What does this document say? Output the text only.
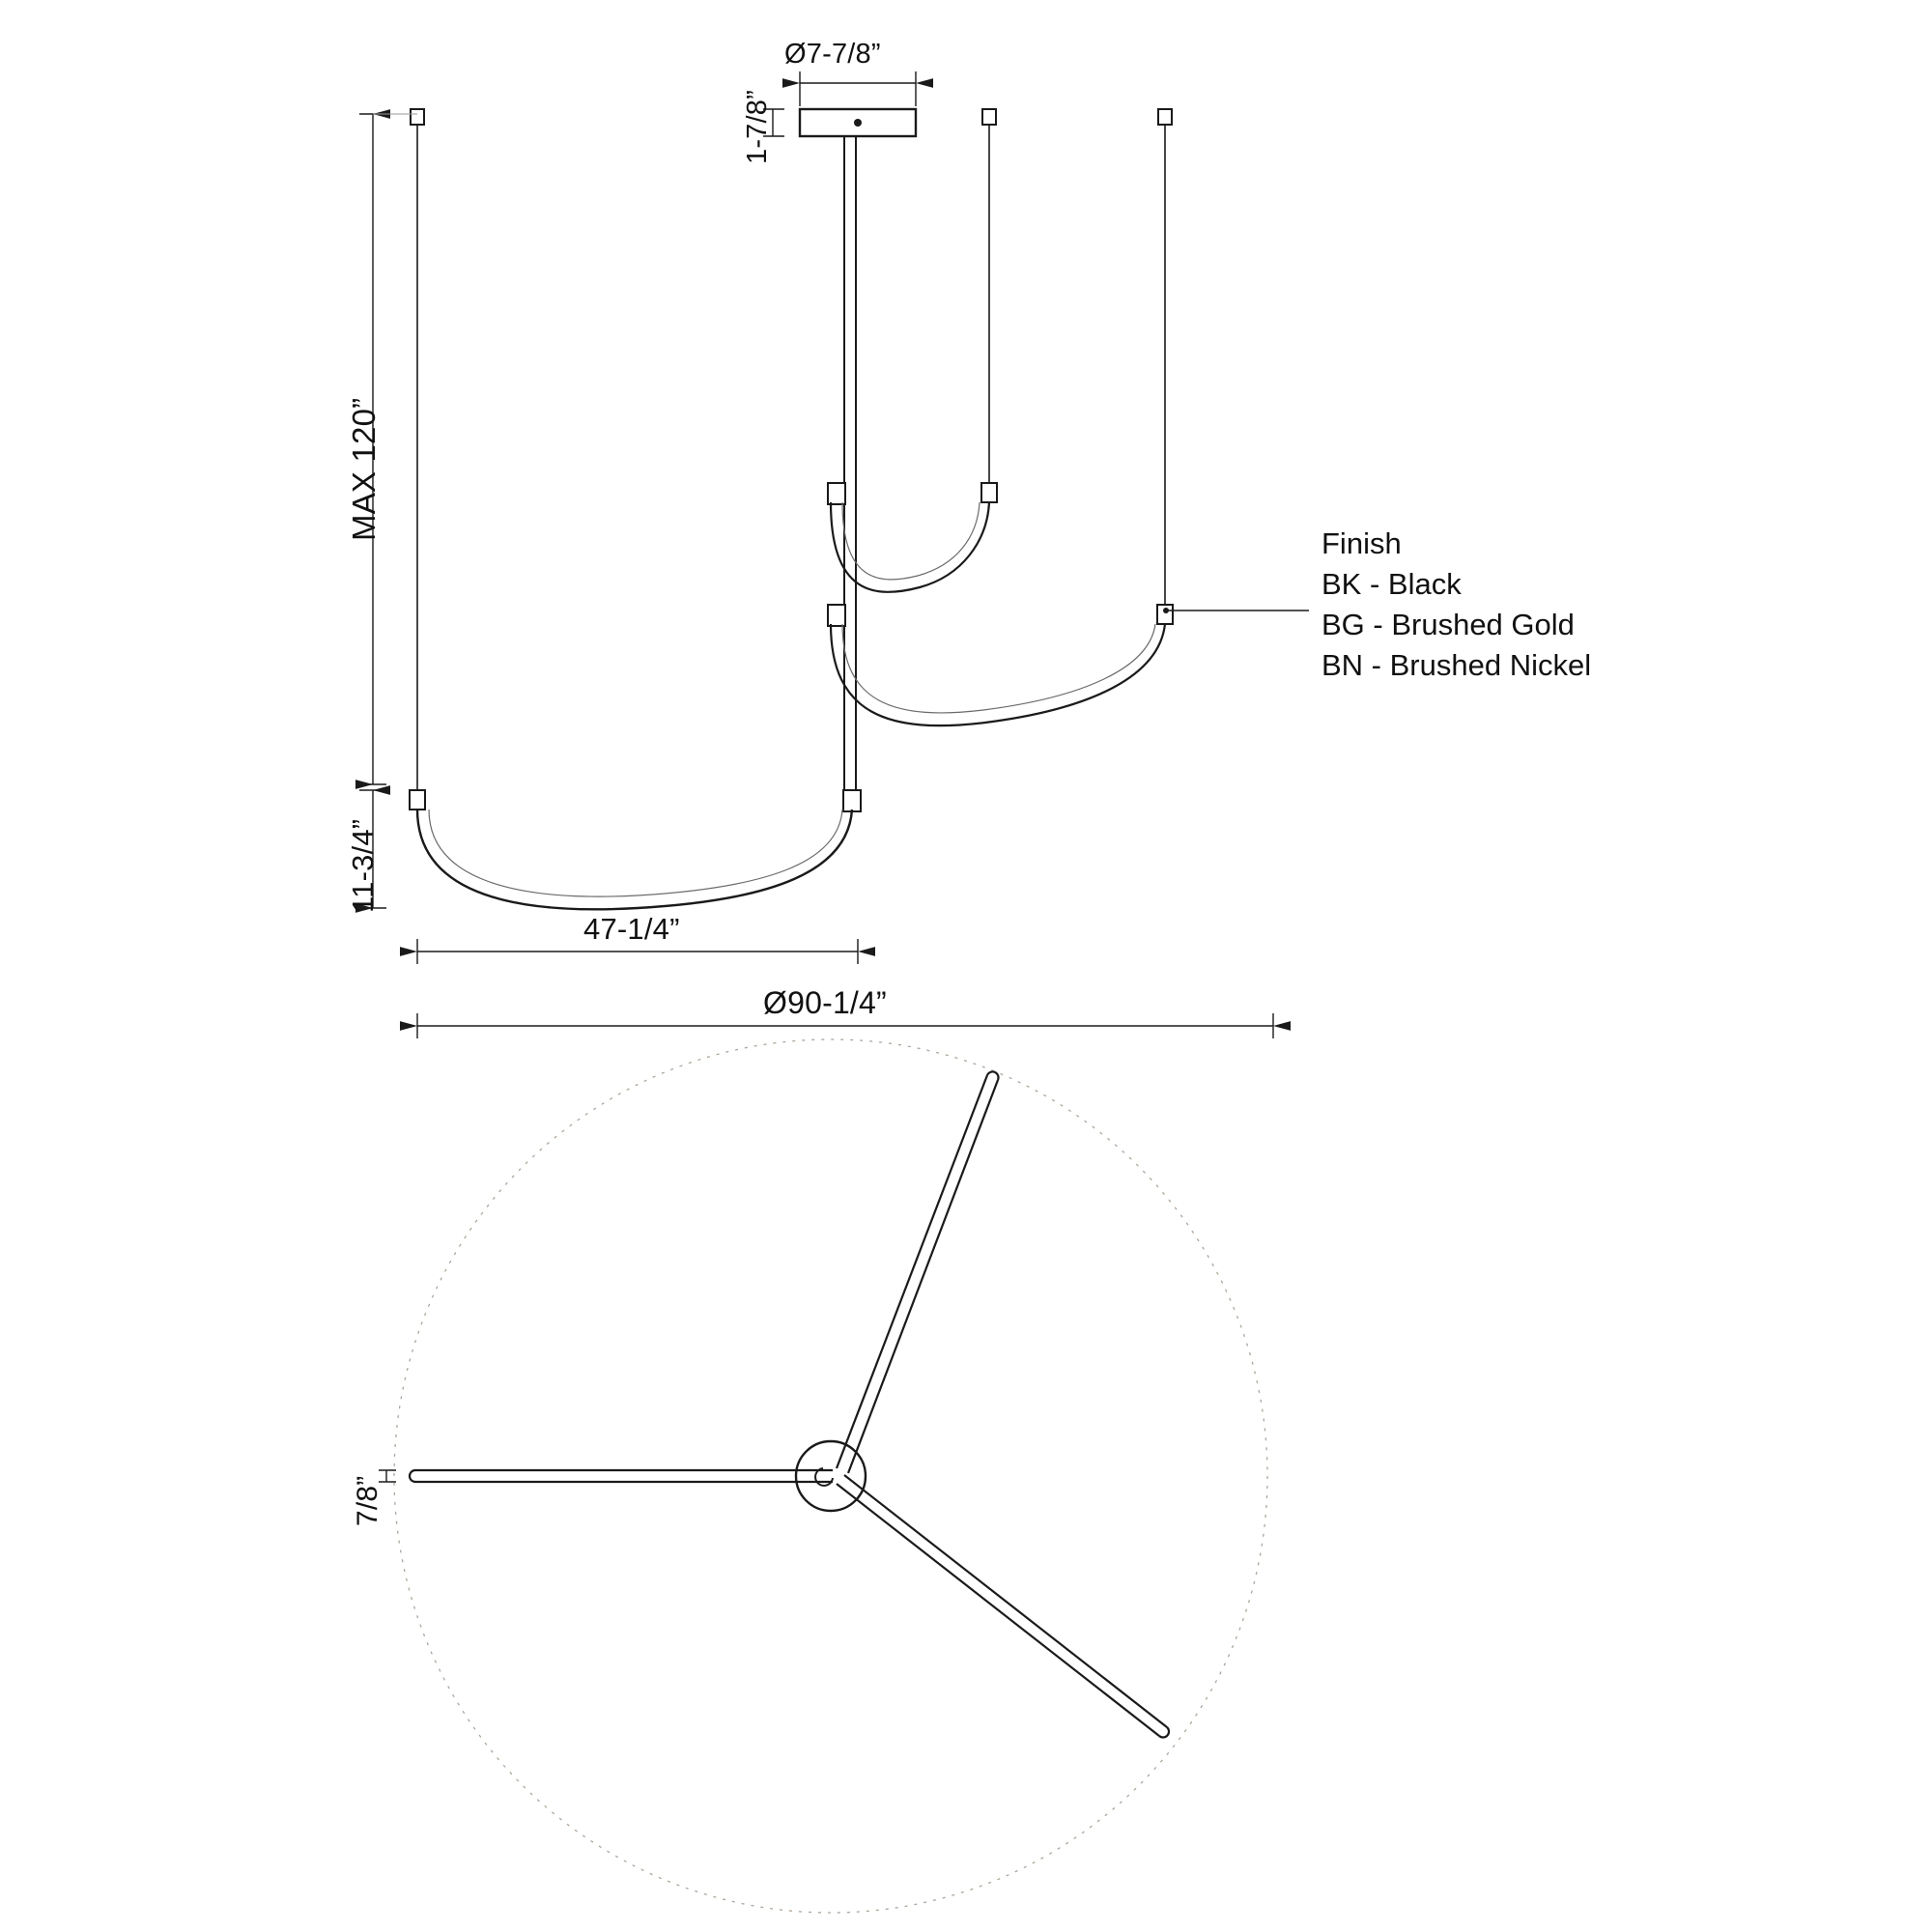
Ø7-7/8”
1-7/8”
MAX 120”
11-3/4”
47-1/4”
Ø90-1/4”
7/8”
Finish
BK - Black
BG - Brushed Gold
BN - Brushed Nickel
